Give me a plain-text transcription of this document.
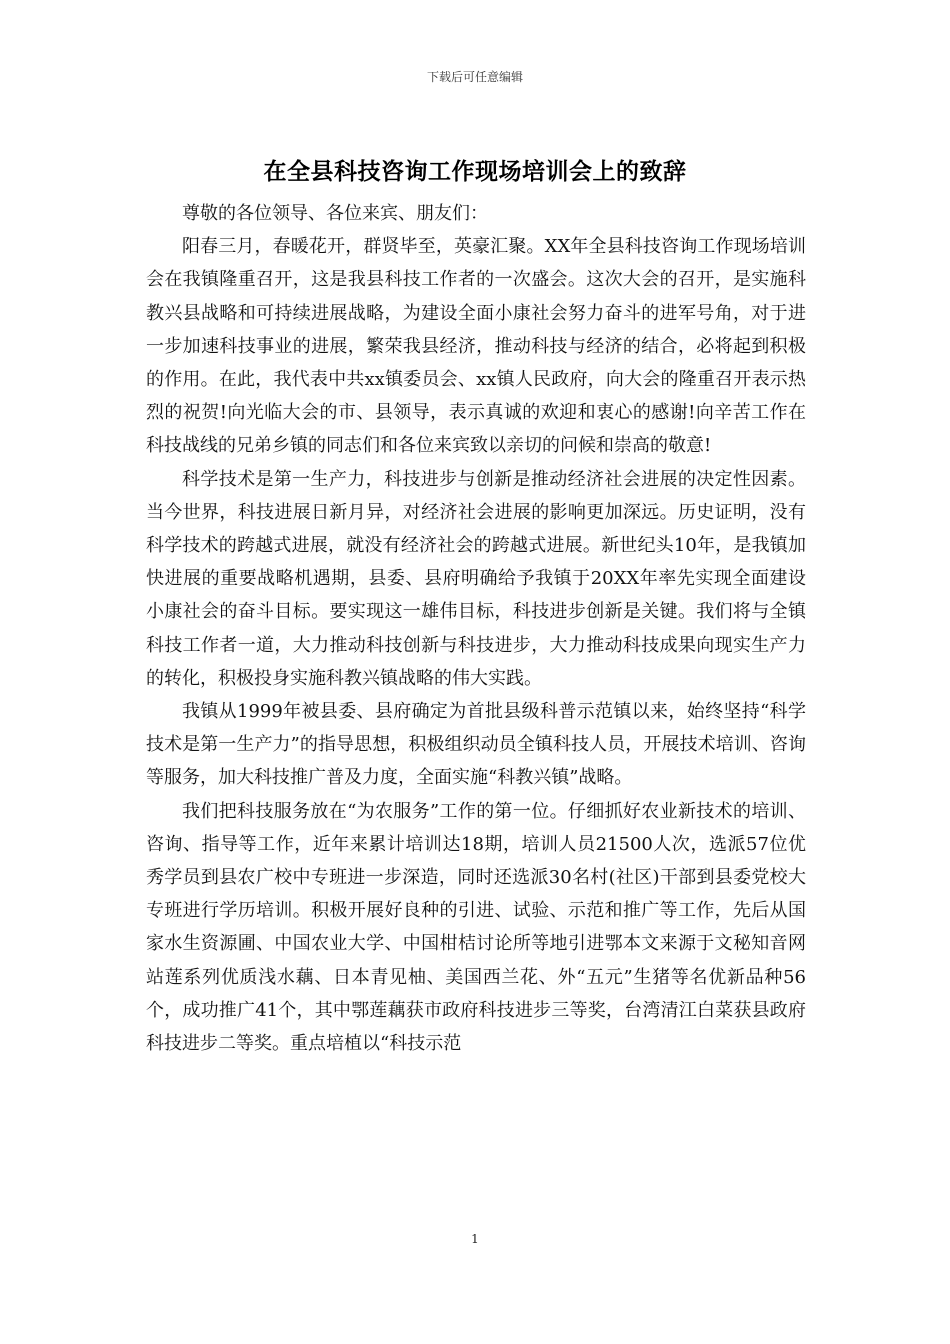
下载后可任意编辑
在全县科技咨询工作现场培训会上的致辞

尊敬的各位领导、各位来宾、朋友们：

阳春三月，春暖花开，群贤毕至，英豪汇聚。XX年全县科技咨询工作现场培训会在我镇隆重召开，这是我县科技工作者的一次盛会。这次大会的召开，是实施科教兴县战略和可持续进展战略，为建设全面小康社会努力奋斗的进军号角，对于进一步加速科技事业的进展，繁荣我县经济，推动科技与经济的结合，必将起到积极的作用。在此，我代表中共xx镇委员会、xx镇人民政府，向大会的隆重召开表示热烈的祝贺!向光临大会的市、县领导，表示真诚的欢迎和衷心的感谢!向辛苦工作在科技战线的兄弟乡镇的同志们和各位来宾致以亲切的问候和崇高的敬意!

科学技术是第一生产力，科技进步与创新是推动经济社会进展的决定性因素。当今世界，科技进展日新月异，对经济社会进展的影响更加深远。历史证明，没有科学技术的跨越式进展，就没有经济社会的跨越式进展。新世纪头10年，是我镇加快进展的重要战略机遇期，县委、县府明确给予我镇于20XX年率先实现全面建设小康社会的奋斗目标。要实现这一雄伟目标，科技进步创新是关键。我们将与全镇科技工作者一道，大力推动科技创新与科技进步，大力推动科技成果向现实生产力的转化，积极投身实施科教兴镇战略的伟大实践。

我镇从1999年被县委、县府确定为首批县级科普示范镇以来，始终坚持“科学技术是第一生产力”的指导思想，积极组织动员全镇科技人员，开展技术培训、咨询等服务，加大科技推广普及力度，全面实施“科教兴镇”战略。

我们把科技服务放在“为农服务”工作的第一位。仔细抓好农业新技术的培训、咨询、指导等工作，近年来累计培训达18期，培训人员21500人次，选派57位优秀学员到县农广校中专班进一步深造，同时还选派30名村(社区)干部到县委党校大专班进行学历培训。积极开展好良种的引进、试验、示范和推广等工作，先后从国家水生资源圃、中国农业大学、中国柑桔讨论所等地引进鄂本文来源于文秘知音网站莲系列优质浅水藕、日本青见柚、美国西兰花、外“五元”生猪等名优新品种56个，成功推广41个，其中鄂莲藕获市政府科技进步三等奖，台湾清江白菜获县政府科技进步二等奖。重点培植以“科技示范

1
